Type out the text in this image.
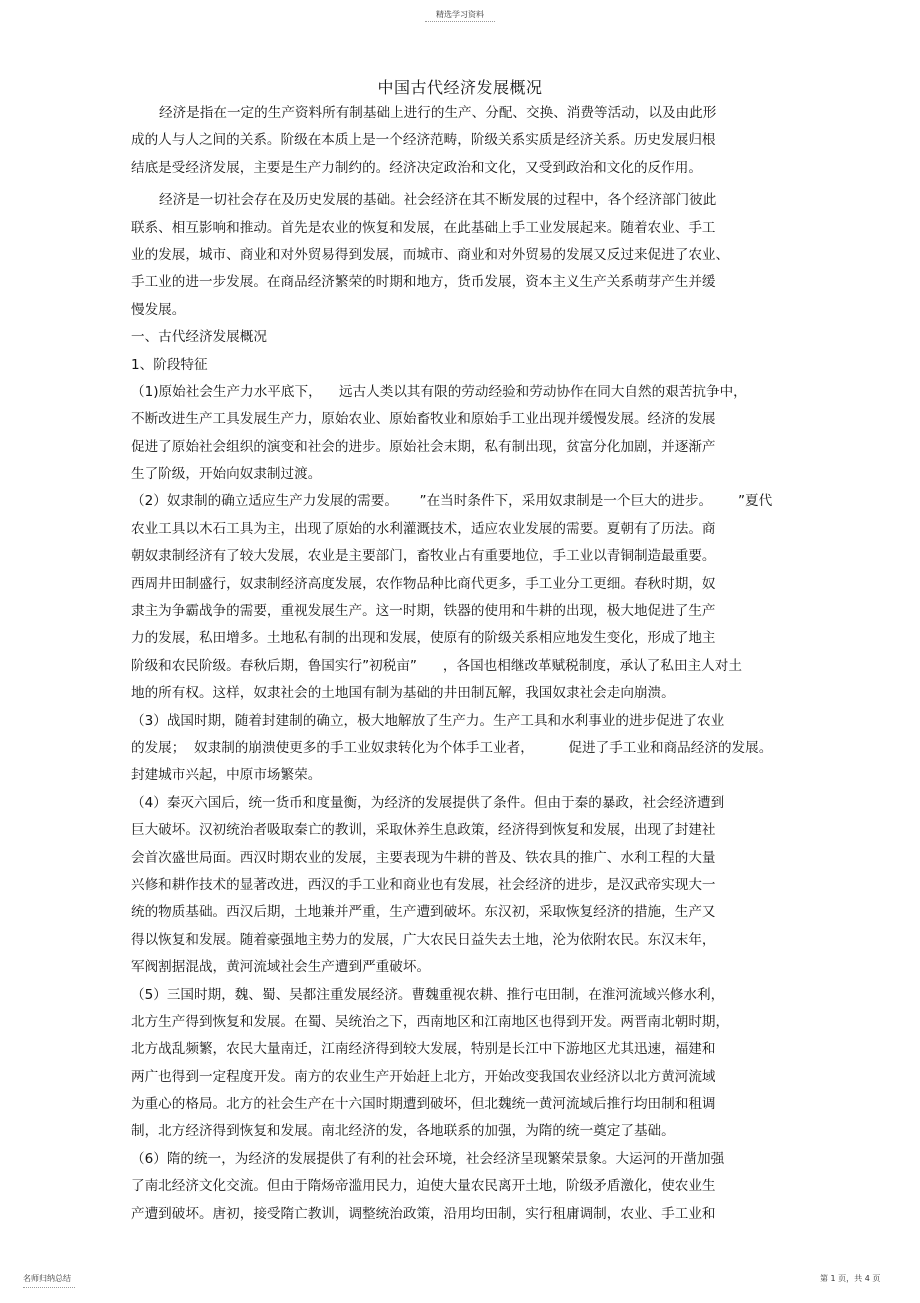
精选学习资料
中国古代经济发展概况
经济是指在一定的生产资料所有制基础上进行的生产、分配、交换、消费等活动，以及由此形
成的人与人之间的关系。阶级在本质上是一个经济范畴，阶级关系实质是经济关系。历史发展归根
结底是受经济发展，主要是生产力制约的。经济决定政治和文化，又受到政治和文化的反作用。
经济是一切社会存在及历史发展的基础。社会经济在其不断发展的过程中，各个经济部门彼此
联系、相互影响和推动。首先是农业的恢复和发展，在此基础上手工业发展起来。随着农业、手工
业的发展，城市、商业和对外贸易得到发展，而城市、商业和对外贸易的发展又反过来促进了农业、
手工业的进一步发展。在商品经济繁荣的时期和地方，货币发展，资本主义生产关系萌芽产生并缓
慢发展。
一、古代经济发展概况
1、阶段特征
（1)原始社会生产力水平底下，    远古人类以其有限的劳动经验和劳动协作在同大自然的艰苦抗争中，
不断改进生产工具发展生产力，原始农业、原始畜牧业和原始手工业出现并缓慢发展。经济的发展
促进了原始社会组织的演变和社会的进步。原始社会末期，私有制出现，贫富分化加剧，并逐渐产
生了阶级，开始向奴隶制过渡。
（2）奴隶制的确立适应生产力发展的需要。     ”在当时条件下，采用奴隶制是一个巨大的进步。      ”夏代
农业工具以木石工具为主，出现了原始的水利灌溉技术，适应农业发展的需要。夏朝有了历法。商
朝奴隶制经济有了较大发展，农业是主要部门，畜牧业占有重要地位，手工业以青铜制造最重要。
西周井田制盛行，奴隶制经济高度发展，农作物品种比商代更多，手工业分工更细。春秋时期，奴
隶主为争霸战争的需要，重视发展生产。这一时期，铁器的使用和牛耕的出现，极大地促进了生产
力的发展，私田增多。土地私有制的出现和发展，使原有的阶级关系相应地发生变化，形成了地主
阶级和农民阶级。春秋后期，鲁国实行”初税亩”      ，各国也相继改革赋税制度，承认了私田主人对土
地的所有权。这样，奴隶社会的土地国有制为基础的井田制瓦解，我国奴隶社会走向崩溃。
（3）战国时期，随着封建制的确立，极大地解放了生产力。生产工具和水利事业的进步促进了农业
的发展；  奴隶制的崩溃使更多的手工业奴隶转化为个体手工业者，        促进了手工业和商品经济的发展。
封建城市兴起，中原市场繁荣。
（4）秦灭六国后，统一货币和度量衡，为经济的发展提供了条件。但由于秦的暴政，社会经济遭到
巨大破坏。汉初统治者吸取秦亡的教训，采取休养生息政策，经济得到恢复和发展，出现了封建社
会首次盛世局面。西汉时期农业的发展，主要表现为牛耕的普及、铁农具的推广、水利工程的大量
兴修和耕作技术的显著改进，西汉的手工业和商业也有发展，社会经济的进步，是汉武帝实现大一
统的物质基础。西汉后期，土地兼并严重，生产遭到破坏。东汉初，采取恢复经济的措施，生产又
得以恢复和发展。随着豪强地主势力的发展，广大农民日益失去土地，沦为依附农民。东汉末年，
军阀割据混战，黄河流域社会生产遭到严重破坏。
（5）三国时期，魏、蜀、吴都注重发展经济。曹魏重视农耕、推行屯田制，在淮河流域兴修水利，
北方生产得到恢复和发展。在蜀、吴统治之下，西南地区和江南地区也得到开发。两晋南北朝时期，
北方战乱频繁，农民大量南迁，江南经济得到较大发展，特别是长江中下游地区尤其迅速，福建和
两广也得到一定程度开发。南方的农业生产开始赶上北方，开始改变我国农业经济以北方黄河流域
为重心的格局。北方的社会生产在十六国时期遭到破坏，但北魏统一黄河流域后推行均田制和租调
制，北方经济得到恢复和发展。南北经济的发，各地联系的加强，为隋的统一奠定了基础。
（6）隋的统一，为经济的发展提供了有利的社会环境，社会经济呈现繁荣景象。大运河的开凿加强
了南北经济文化交流。但由于隋炀帝滥用民力，迫使大量农民离开土地，阶级矛盾激化，使农业生
产遭到破坏。唐初，接受隋亡教训，调整统治政策，沿用均田制，实行租庸调制，农业、手工业和
名师归纳总结	第 1 页，共 4 页
